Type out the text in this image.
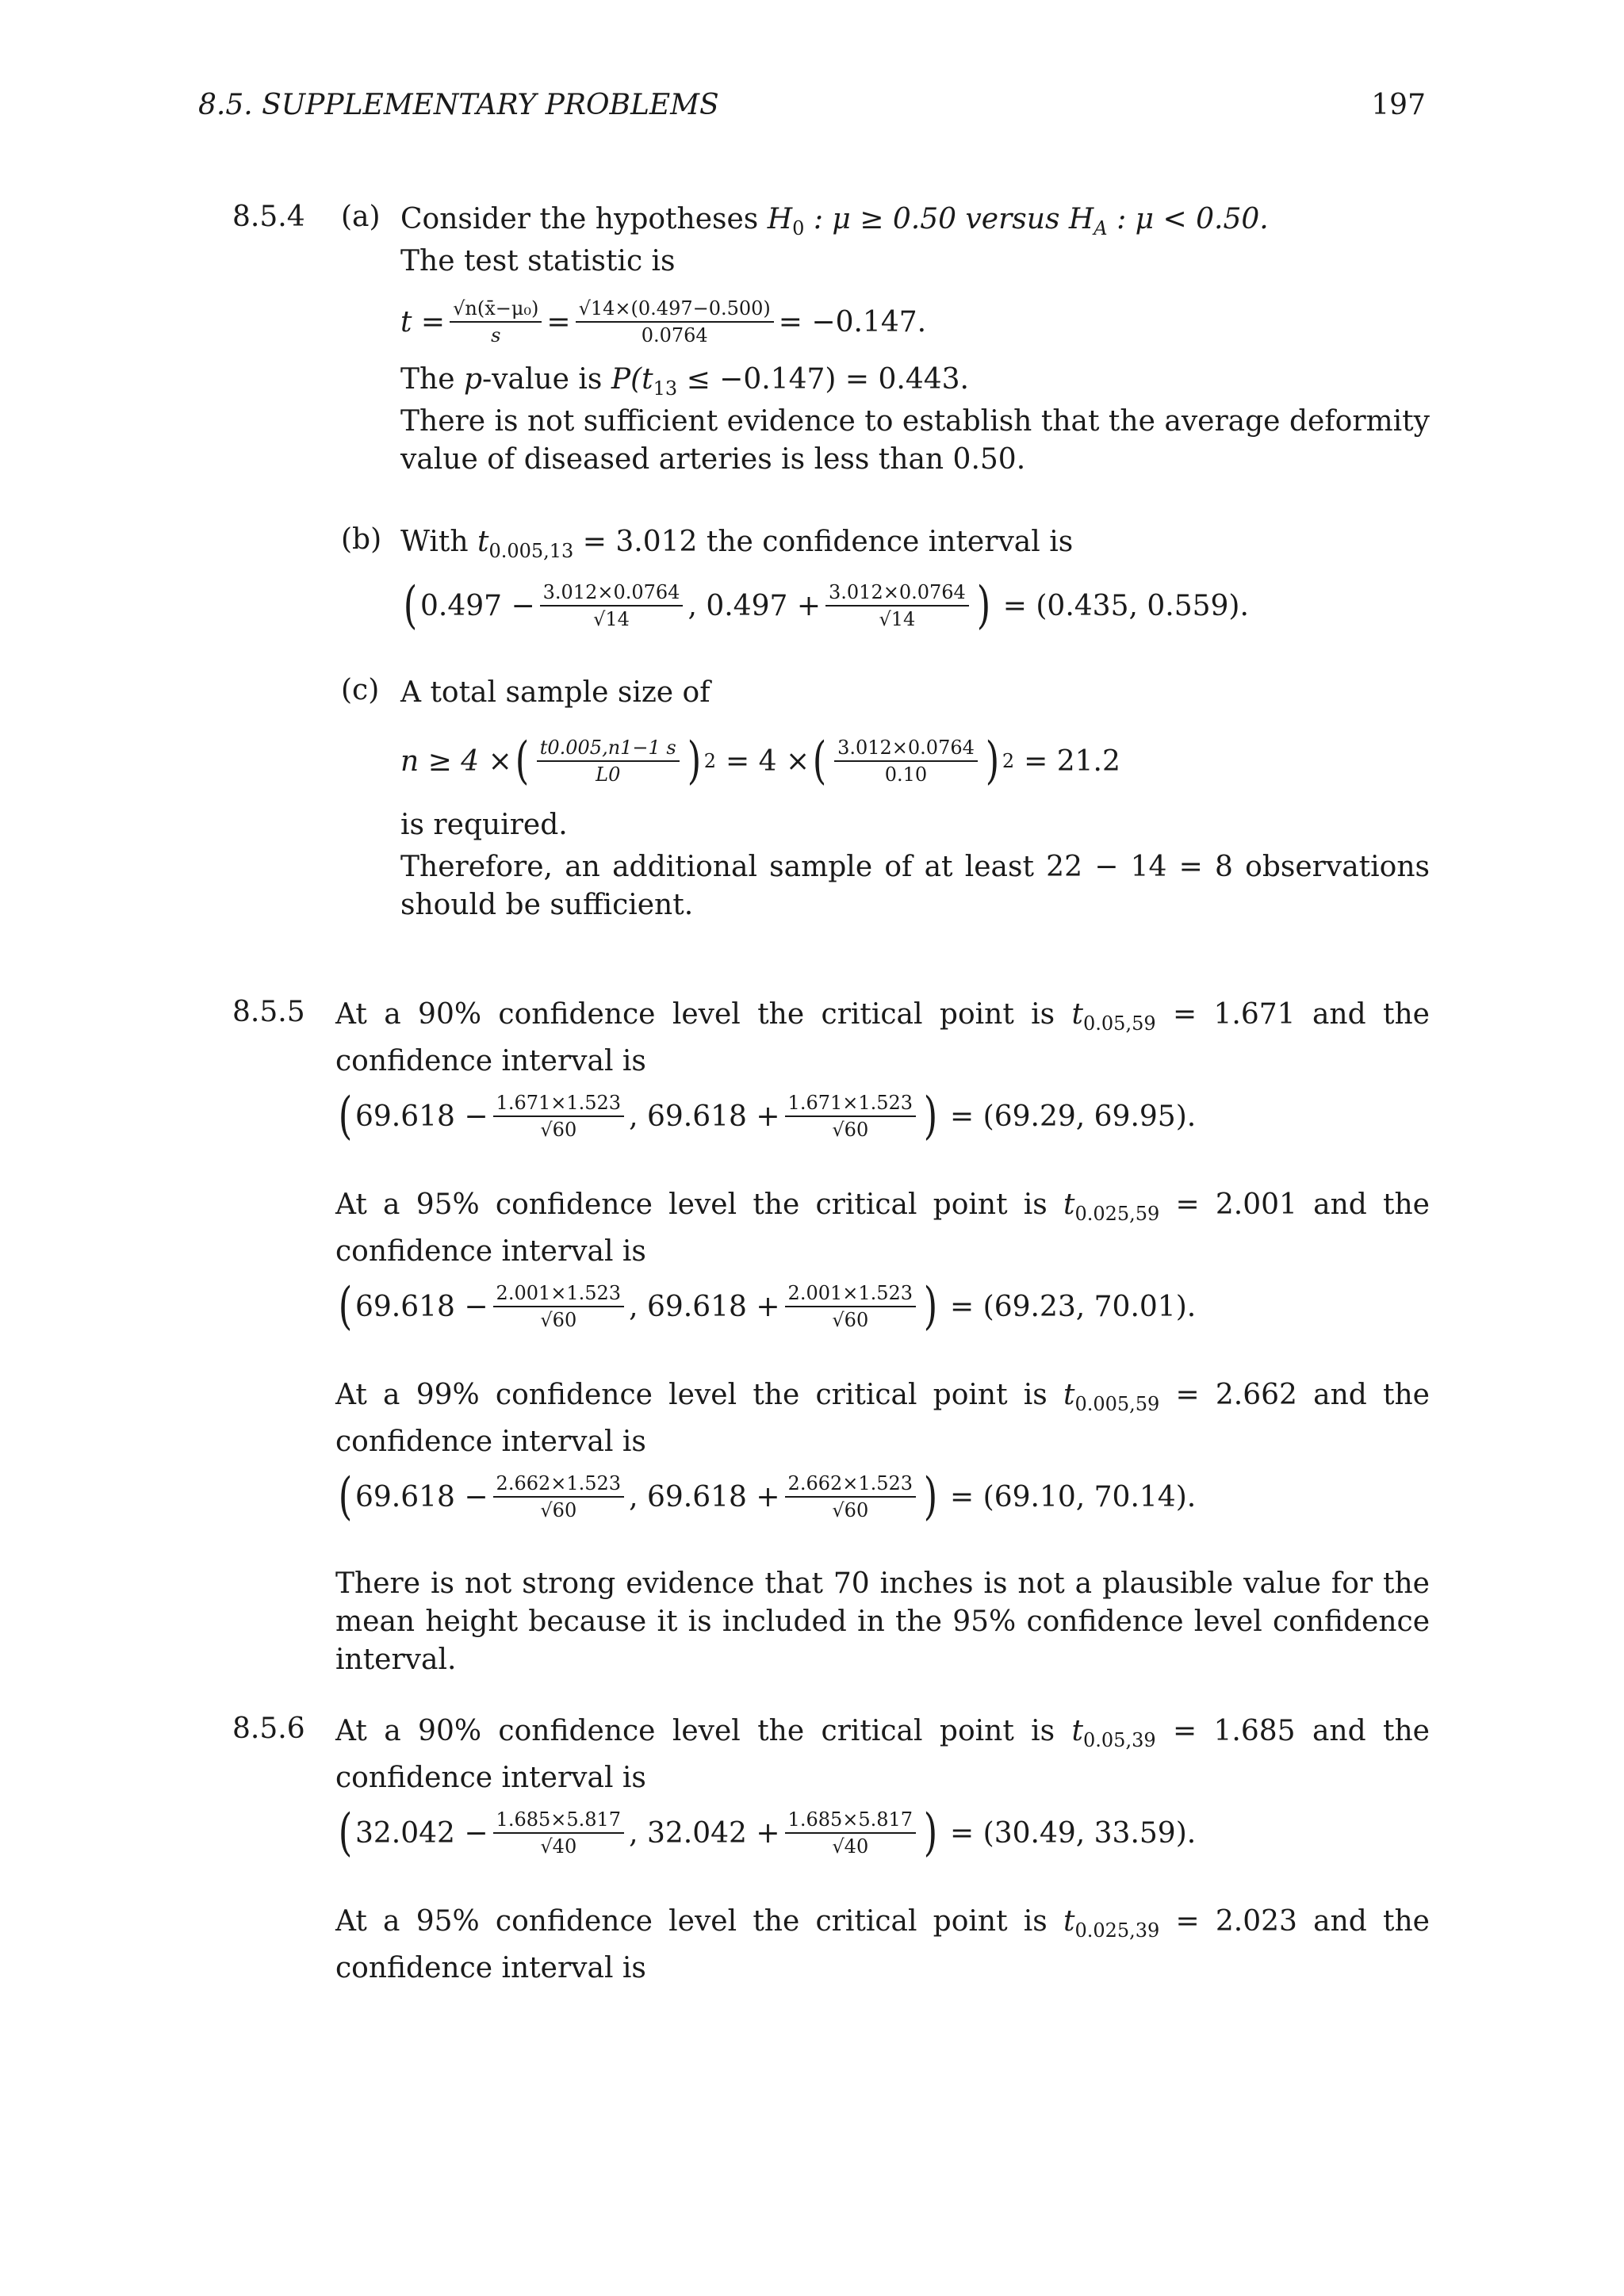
8.5. SUPPLEMENTARY PROBLEMS	197
8.5.4 (a) Consider the hypotheses $H_0$ : μ ≥ 0.50 versus $H_A$ : μ < 0.50.
The test statistic is
$t = \frac{\text{√n(x̄−μ₀)}}{s} = \frac{√14\times(0.497-0.500)}{0.0764} = -0.147$.
The p-value is $P(t_{13} \le -0.147) = 0.443$.
There is not sufficient evidence to establish that the average deformity value of diseased arteries is less than 0.50.
(b) With $t_{0.005,13} = 3.012$ the confidence interval is
( $0.497 - \frac{3.012\times 0.0764}{√14}$ , $0.497 + \frac{3.012\times 0.0764}{√14}$ ) = (0.435, 0.559).
(c) A total sample size of
n ≥ 4 × ( $\frac{t0.005,n1-1 s}{L0}$ ) 2 = 4 × ( $\frac{3.012\times 0.0764}{0.10}$ ) 2 = 21.2
is required.
Therefore, an additional sample of at least 22 − 14 = 8 observations should be sufficient.
8.5.5 At a 90% confidence level the critical point is $t_{0.05,59} = 1.671$ and the confidence interval is
( $69.618 - \frac{1.671\times 1.523}{√60}$ , $69.618 + \frac{1.671\times 1.523}{√60}$ ) = (69.29, 69.95).
At a 95% confidence level the critical point is $t_{0.025,59} = 2.001$ and the confidence interval is
( $69.618 - \frac{2.001\times 1.523}{√60}$ , $69.618 + \frac{2.001\times 1.523}{√60}$ ) = (69.23, 70.01).
At a 99% confidence level the critical point is $t_{0.005,59} = 2.662$ and the confidence interval is
( $69.618 - \frac{2.662\times 1.523}{√60}$ , $69.618 + \frac{2.662\times 1.523}{√60}$ ) = (69.10, 70.14).
There is not strong evidence that 70 inches is not a plausible value for the mean height because it is included in the 95% confidence level confidence interval.
8.5.6 At a 90% confidence level the critical point is $t_{0.05,39} = 1.685$ and the confidence interval is
( $32.042 - \frac{1.685\times 5.817}{√40}$ , $32.042 + \frac{1.685\times 5.817}{√40}$ ) = (30.49, 33.59).
At a 95% confidence level the critical point is $t_{0.025,39} = 2.023$ and the confidence interval is
